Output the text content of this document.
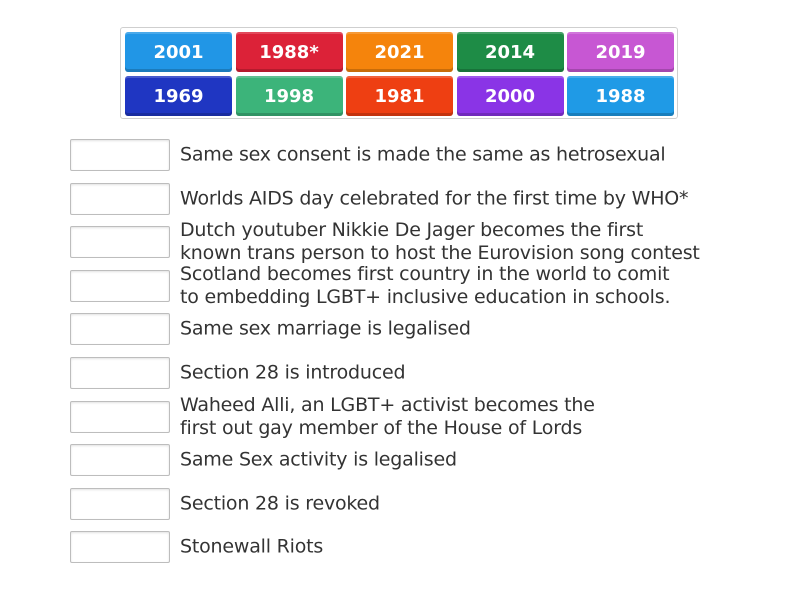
2001	1988*	2021	2014	2019
1969	1998	1981	2000	1988
Same sex consent is made the same as hetrosexual
Worlds AIDS day celebrated for the first time by WHO*
Dutch youtuber Nikkie De Jager becomes the first
known trans person to host the Eurovision song contest
Scotland becomes first country in the world to comit
to embedding LGBT+ inclusive education in schools.
Same sex marriage is legalised
Section 28 is introduced
Waheed Alli, an LGBT+ activist becomes the
first out gay member of the House of Lords
Same Sex activity is legalised
Section 28 is revoked
Stonewall Riots
